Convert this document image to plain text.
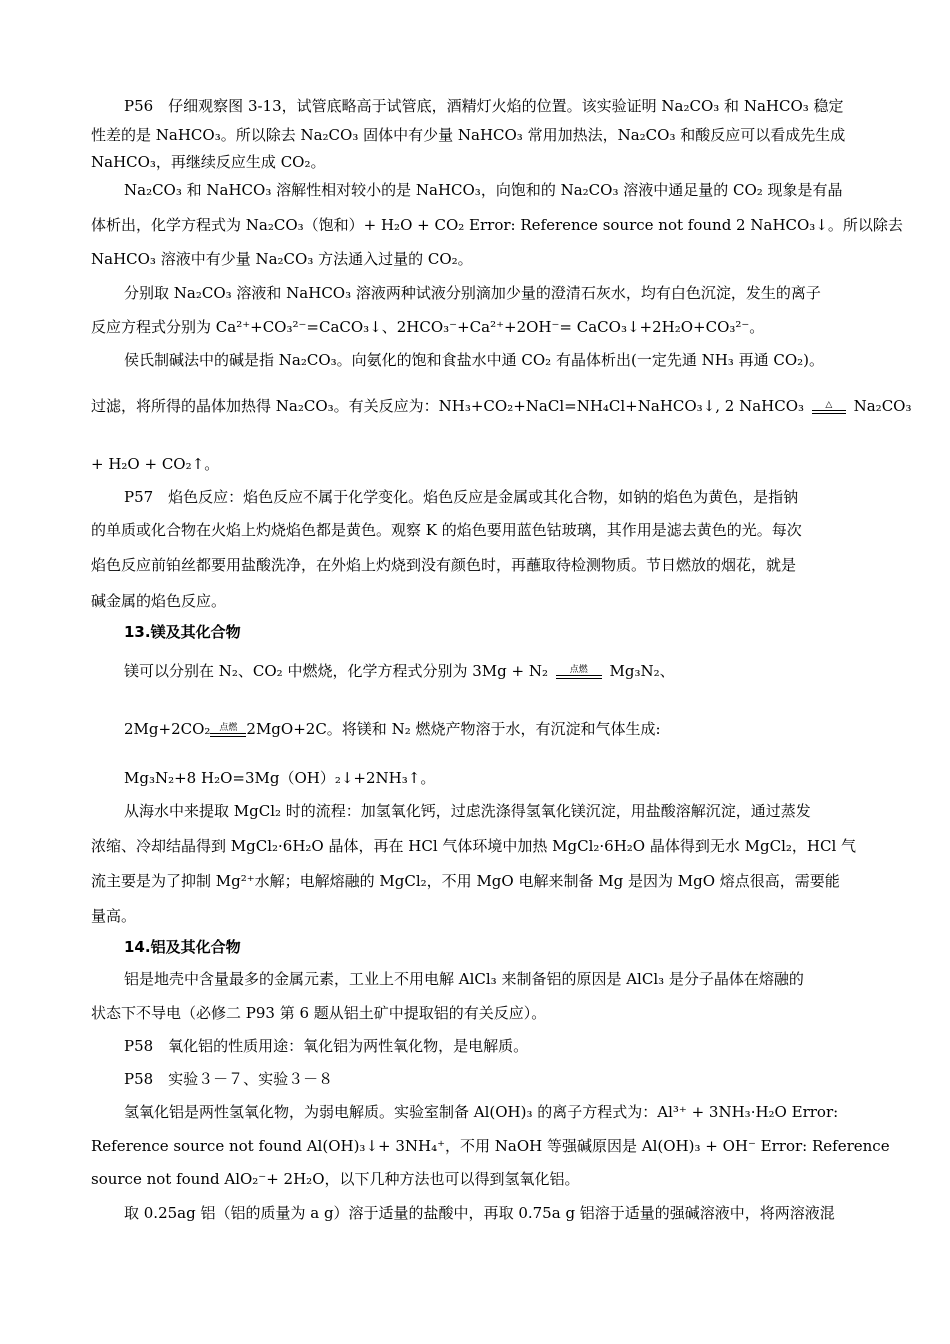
P56　仔细观察图 3-13，试管底略高于试管底，酒精灯火焰的位置。该实验证明 Na₂CO₃ 和 NaHCO₃ 稳定
性差的是 NaHCO₃。所以除去 Na₂CO₃ 固体中有少量 NaHCO₃ 常用加热法，Na₂CO₃ 和酸反应可以看成先生成
NaHCO₃，再继续反应生成 CO₂。
Na₂CO₃ 和 NaHCO₃ 溶解性相对较小的是 NaHCO₃，向饱和的 Na₂CO₃ 溶液中通足量的 CO₂ 现象是有晶
体析出，化学方程式为 Na₂CO₃（饱和）+ H₂O + CO₂ Error: Reference source not found 2 NaHCO₃↓。所以除去
NaHCO₃ 溶液中有少量 Na₂CO₃ 方法通入过量的 CO₂。
分别取 Na₂CO₃ 溶液和 NaHCO₃ 溶液两种试液分别滴加少量的澄清石灰水，均有白色沉淀，发生的离子
反应方程式分别为 Ca²⁺+CO₃²⁻=CaCO₃↓、2HCO₃⁻+Ca²⁺+2OH⁻= CaCO₃↓+2H₂O+CO₃²⁻。
侯氏制碱法中的碱是指 Na₂CO₃。向氨化的饱和食盐水中通 CO₂ 有晶体析出(一定先通 NH₃ 再通 CO₂)。
过滤，将所得的晶体加热得 Na₂CO₃。有关反应为：NH₃+CO₂+NaCl=NH₄Cl+NaHCO₃↓, 2 NaHCO₃	△	Na₂CO₃
+ H₂O + CO₂↑。
P57　焰色反应：焰色反应不属于化学变化。焰色反应是金属或其化合物，如钠的焰色为黄色，是指钠
的单质或化合物在火焰上灼烧焰色都是黄色。观察 K 的焰色要用蓝色钴玻璃，其作用是滤去黄色的光。每次
焰色反应前铂丝都要用盐酸洗净，在外焰上灼烧到没有颜色时，再蘸取待检测物质。节日燃放的烟花，就是
碱金属的焰色反应。
13.镁及其化合物
镁可以分别在 N₂、CO₂ 中燃烧，化学方程式分别为 3Mg + N₂	点燃	Mg₃N₂、
2Mg+2CO₂ 点燃 2MgO+2C。将镁和 N₂ 燃烧产物溶于水，有沉淀和气体生成:
Mg₃N₂+8 H₂O=3Mg（OH）₂↓+2NH₃↑。
从海水中来提取 MgCl₂ 时的流程：加氢氧化钙，过虑洗涤得氢氧化镁沉淀，用盐酸溶解沉淀，通过蒸发
浓缩、冷却结晶得到 MgCl₂·6H₂O 晶体，再在 HCl 气体环境中加热 MgCl₂·6H₂O 晶体得到无水 MgCl₂，HCl 气
流主要是为了抑制 Mg²⁺水解；电解熔融的 MgCl₂，不用 MgO 电解来制备 Mg 是因为 MgO 熔点很高，需要能
量高。
14.铝及其化合物
铝是地壳中含量最多的金属元素，工业上不用电解 AlCl₃ 来制备铝的原因是 AlCl₃ 是分子晶体在熔融的
状态下不导电（必修二 P93 第 6 题从铝土矿中提取铝的有关反应）。
P58　氧化铝的性质用途：氧化铝为两性氧化物，是电解质。
P58　实验３－７、实验３－８
氢氧化铝是两性氢氧化物，为弱电解质。实验室制备 Al(OH)₃ 的离子方程式为：Al³⁺ + 3NH₃·H₂O Error:
Reference source not found Al(OH)₃↓+ 3NH₄⁺，不用 NaOH 等强碱原因是 Al(OH)₃ + OH⁻ Error: Reference
source not found AlO₂⁻+ 2H₂O，以下几种方法也可以得到氢氧化铝。
取 0.25ag 铝（铝的质量为 a g）溶于适量的盐酸中，再取 0.75a g 铝溶于适量的强碱溶液中，将两溶液混
